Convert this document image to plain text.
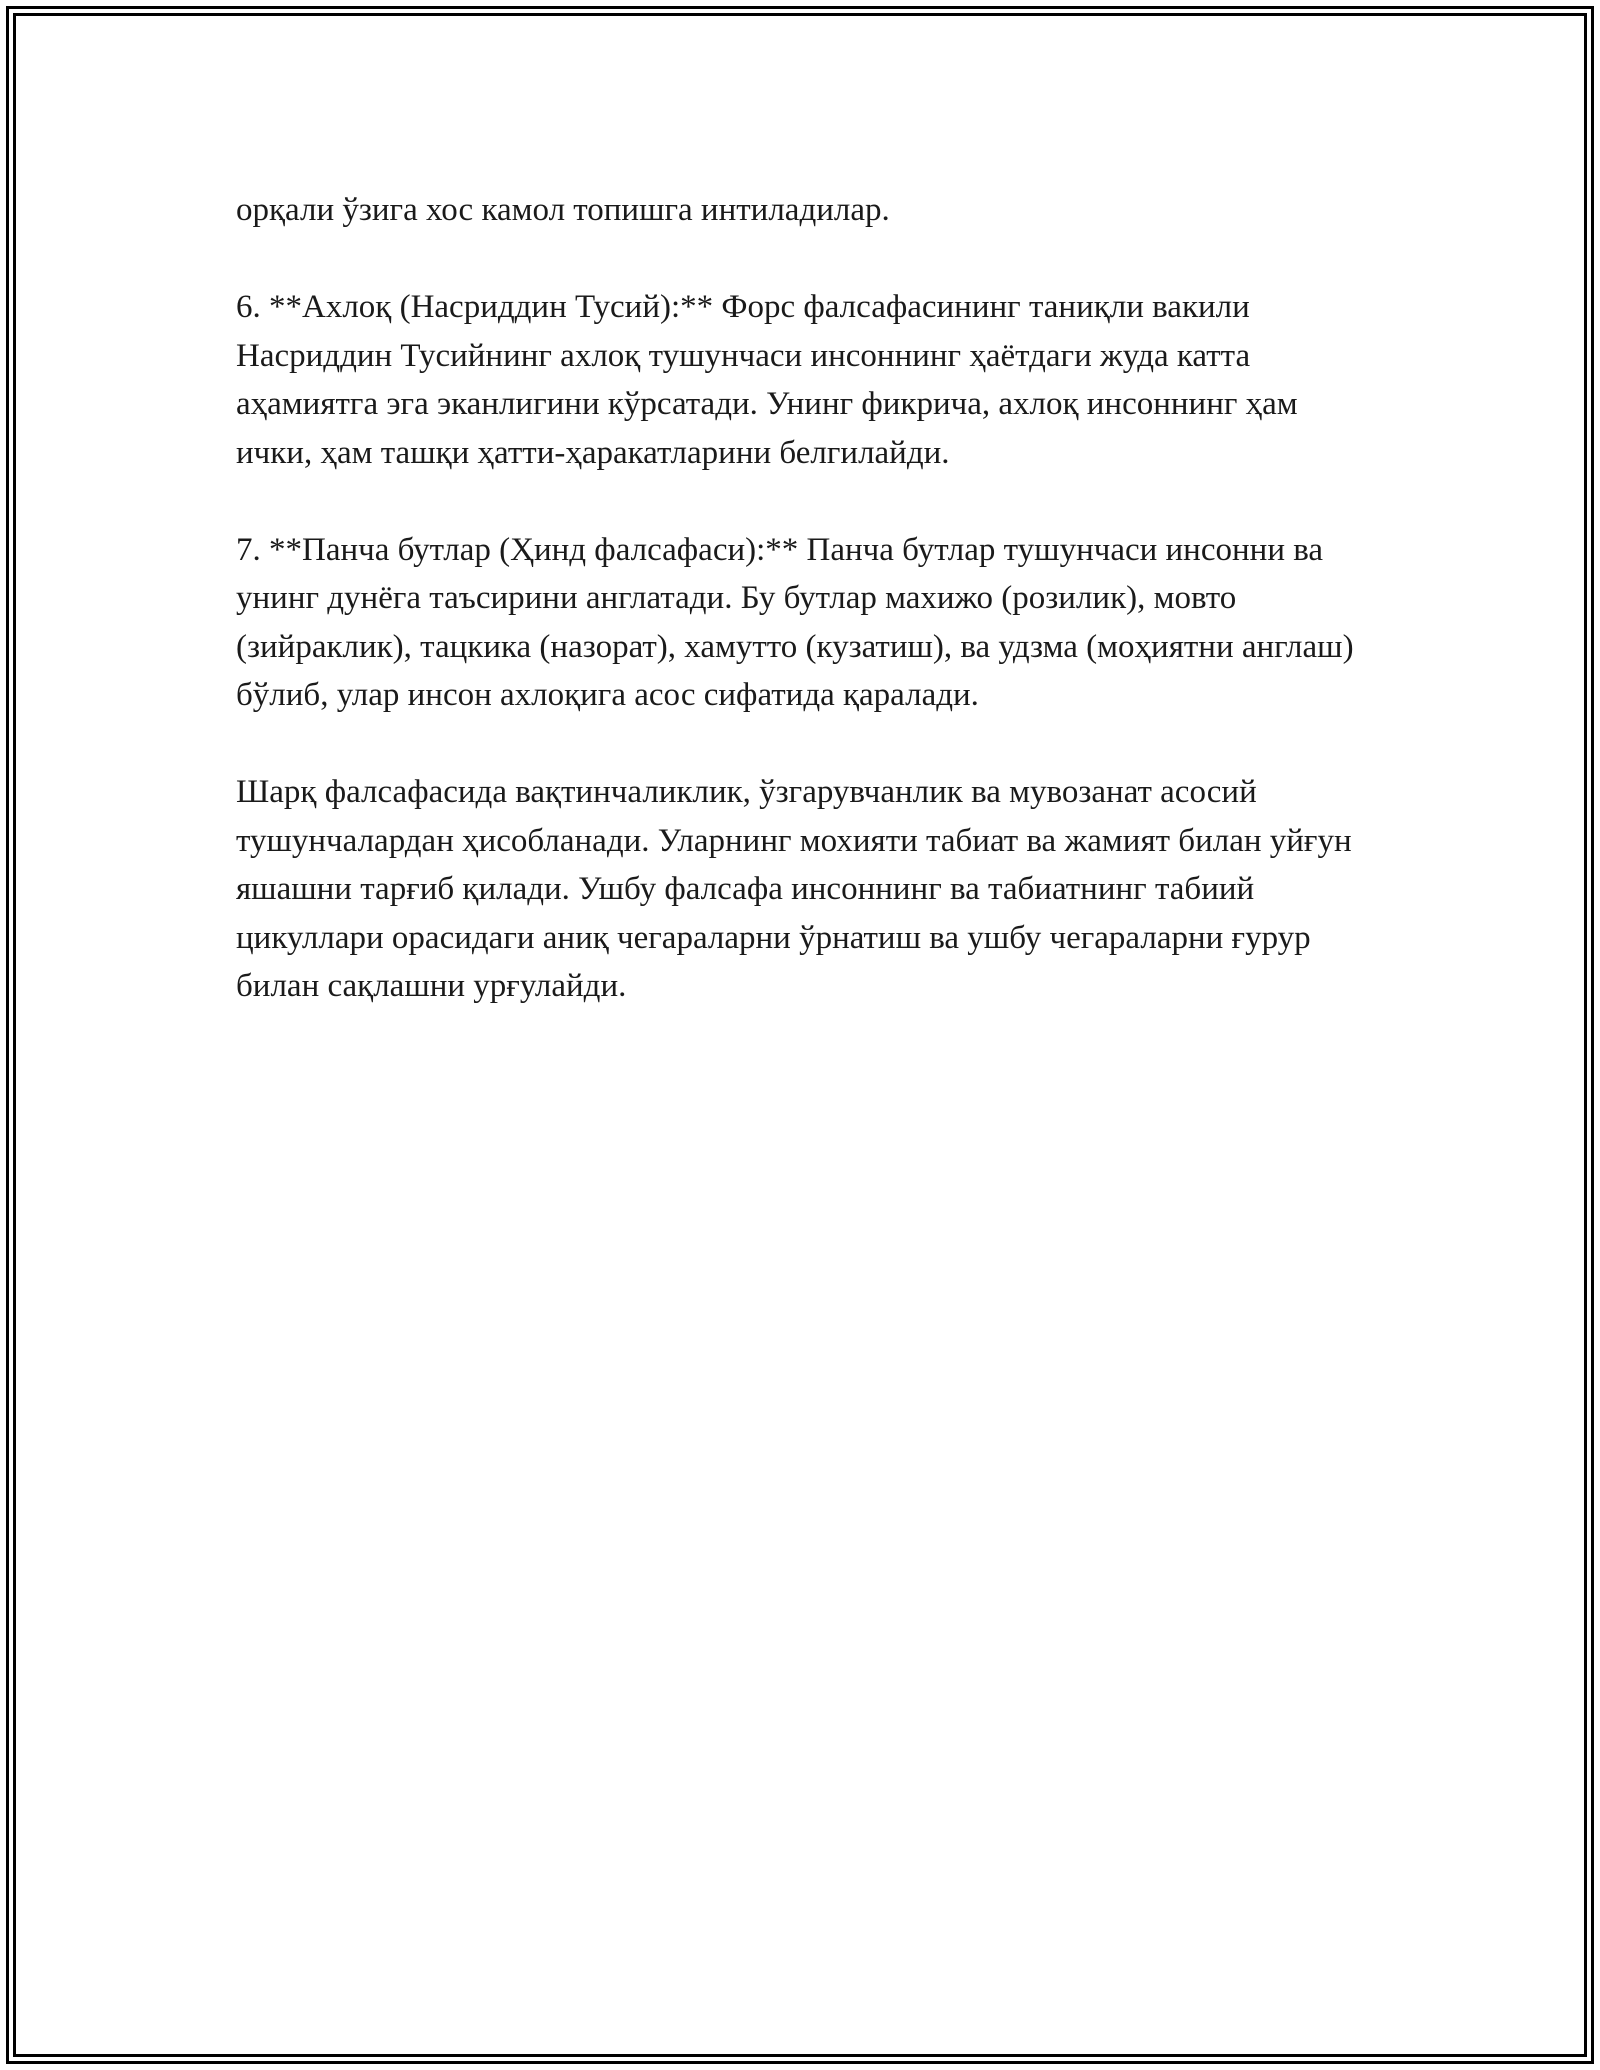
орқали ўзига хос камол топишга интиладилар.

6. **Ахлоқ (Насриддин Тусий):** Форс фалсафасининг таниқли вакили Насриддин Тусийнинг ахлоқ тушунчаси инсоннинг ҳаётдаги жуда катта аҳамиятга эга эканлигини кўрсатади. Унинг фикрича, ахлоқ инсоннинг ҳам ички, ҳам ташқи ҳатти-ҳаракатларини белгилайди.

7. **Панча бутлар (Ҳинд фалсафаси):** Панча бутлар тушунчаси инсонни ва унинг дунёга таъсирини англатади. Бу бутлар махижо (розилик), мовто (зийраклик), тацкика (назорат), хамутто (кузатиш), ва удзма (моҳиятни англаш) бўлиб, улар инсон ахлоқига асос сифатида қаралади.

Шарқ фалсафасида вақтинчаликлик, ўзгарувчанлик ва мувозанат асосий тушунчалардан ҳисобланади. Уларнинг мохияти табиат ва жамият билан уйғун яшашни тарғиб қилади. Ушбу фалсафа инсоннинг ва табиатнинг табиий цикуллари орасидаги аниқ чегараларни ўрнатиш ва ушбу чегараларни ғурур билан сақлашни урғулайди.
